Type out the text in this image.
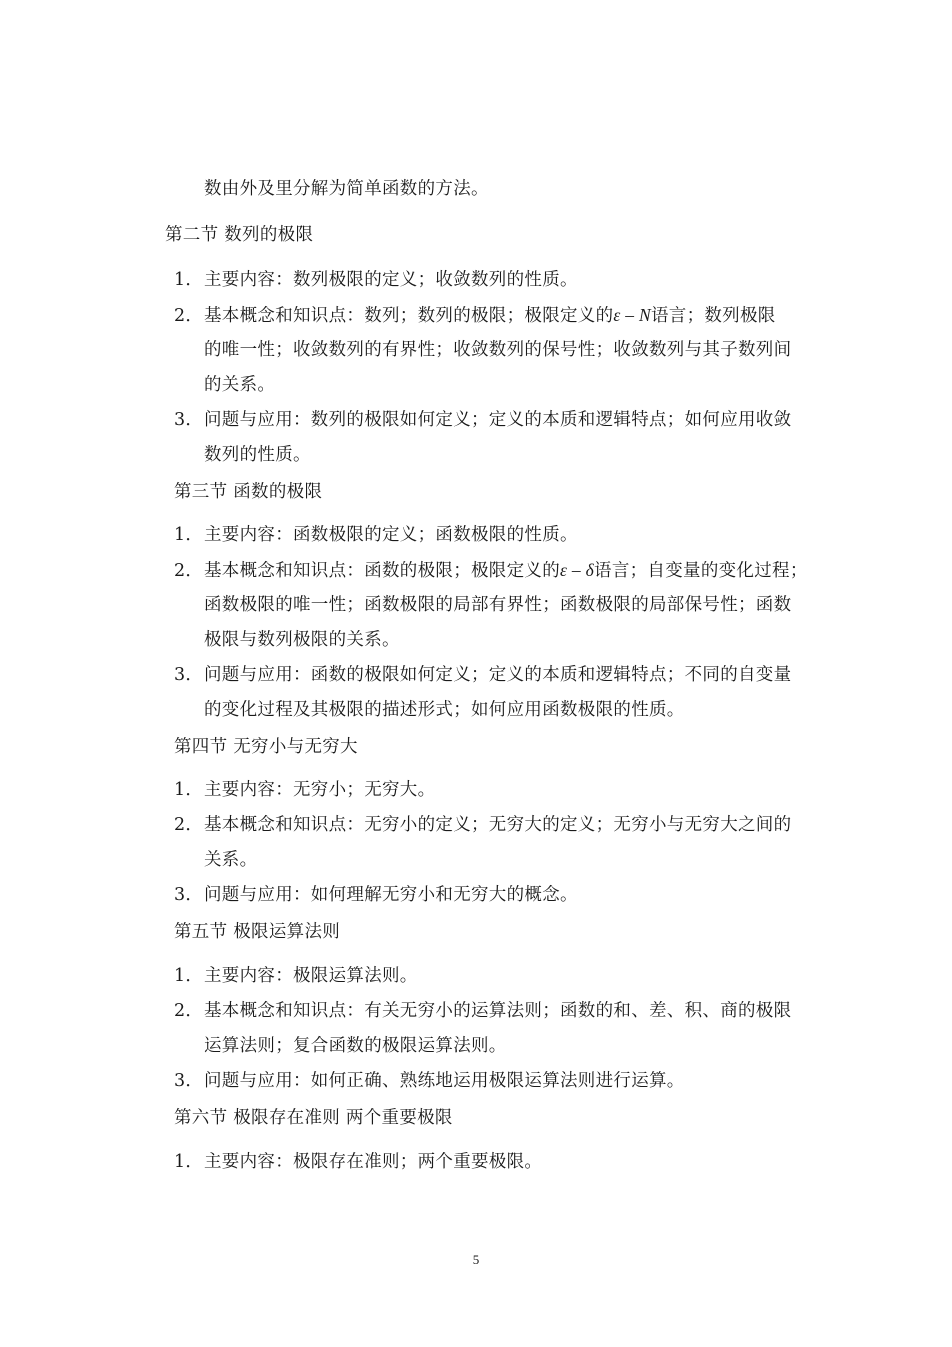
数由外及里分解为简单函数的方法。
第二节 数列的极限
1．主要内容：数列极限的定义；收敛数列的性质。
2．基本概念和知识点：数列；数列的极限；极限定义的ε – N语言；数列极限
的唯一性；收敛数列的有界性；收敛数列的保号性；收敛数列与其子数列间
的关系。
3．问题与应用：数列的极限如何定义；定义的本质和逻辑特点；如何应用收敛
数列的性质。
第三节 函数的极限
1．主要内容：函数极限的定义；函数极限的性质。
2．基本概念和知识点：函数的极限；极限定义的ε – δ语言；自变量的变化过程；
函数极限的唯一性；函数极限的局部有界性；函数极限的局部保号性；函数
极限与数列极限的关系。
3．问题与应用：函数的极限如何定义；定义的本质和逻辑特点；不同的自变量
的变化过程及其极限的描述形式；如何应用函数极限的性质。
第四节 无穷小与无穷大
1．主要内容：无穷小；无穷大。
2．基本概念和知识点：无穷小的定义；无穷大的定义；无穷小与无穷大之间的
关系。
3．问题与应用：如何理解无穷小和无穷大的概念。
第五节 极限运算法则
1．主要内容：极限运算法则。
2．基本概念和知识点：有关无穷小的运算法则；函数的和、差、积、商的极限
运算法则；复合函数的极限运算法则。
3．问题与应用：如何正确、熟练地运用极限运算法则进行运算。
第六节 极限存在准则 两个重要极限
1．主要内容：极限存在准则；两个重要极限。
5
